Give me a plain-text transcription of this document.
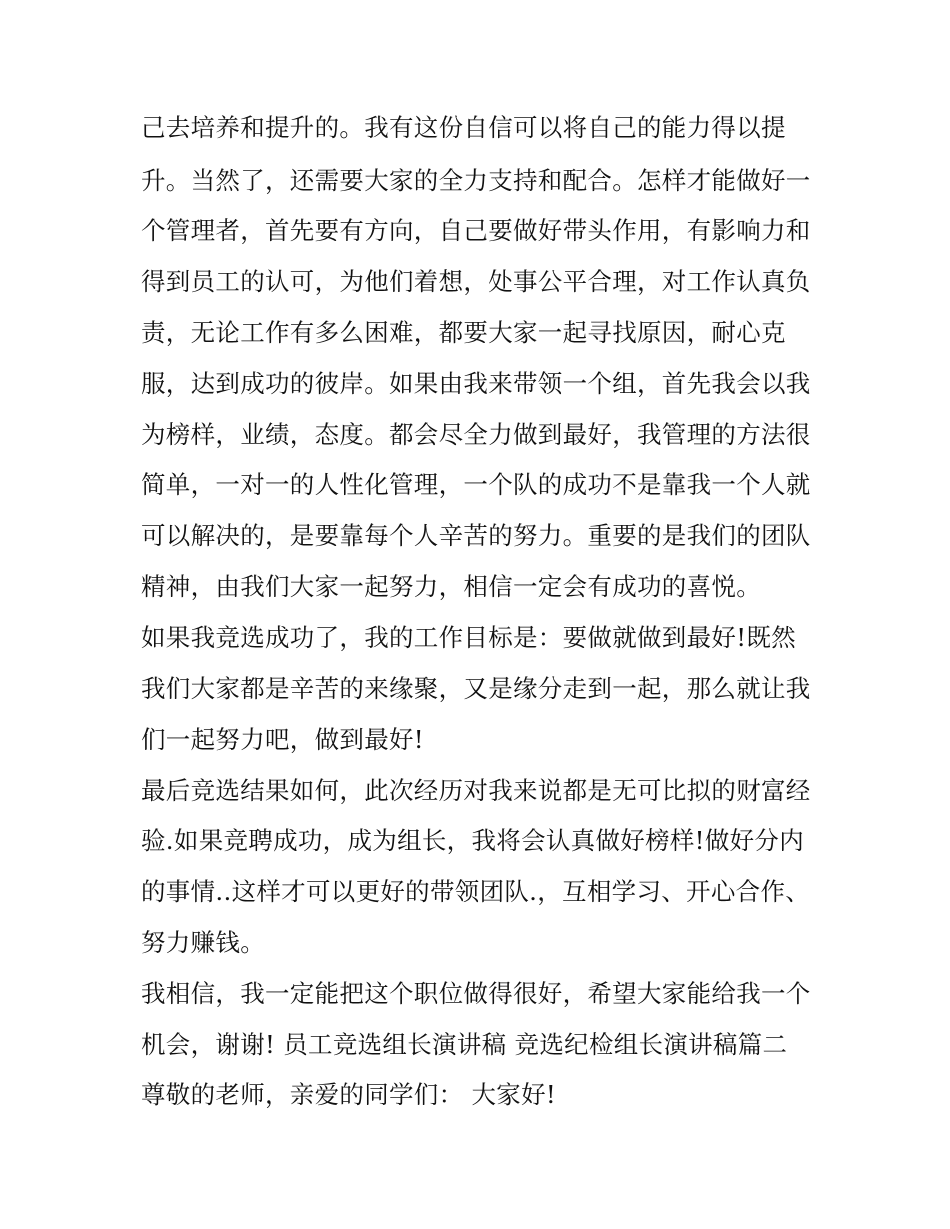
己去培养和提升的。我有这份自信可以将自己的能力得以提
升。当然了，还需要大家的全力支持和配合。怎样才能做好一
个管理者，首先要有方向，自己要做好带头作用，有影响力和
得到员工的认可，为他们着想，处事公平合理，对工作认真负
责，无论工作有多么困难，都要大家一起寻找原因，耐心克
服，达到成功的彼岸。如果由我来带领一个组，首先我会以我
为榜样，业绩，态度。都会尽全力做到最好，我管理的方法很
简单，一对一的人性化管理，一个队的成功不是靠我一个人就
可以解决的，是要靠每个人辛苦的努力。重要的是我们的团队
精神，由我们大家一起努力，相信一定会有成功的喜悦。
如果我竞选成功了，我的工作目标是：要做就做到最好!既然
我们大家都是辛苦的来缘聚，又是缘分走到一起，那么就让我
们一起努力吧，做到最好!
最后竞选结果如何，此次经历对我来说都是无可比拟的财富经
验.如果竞聘成功，成为组长，我将会认真做好榜样!做好分内
的事情..这样才可以更好的带领团队.，互相学习、开心合作、
努力赚钱。
我相信，我一定能把这个职位做得很好，希望大家能给我一个
机会，谢谢! 员工竞选组长演讲稿 竞选纪检组长演讲稿篇二
尊敬的老师，亲爱的同学们： 大家好!
